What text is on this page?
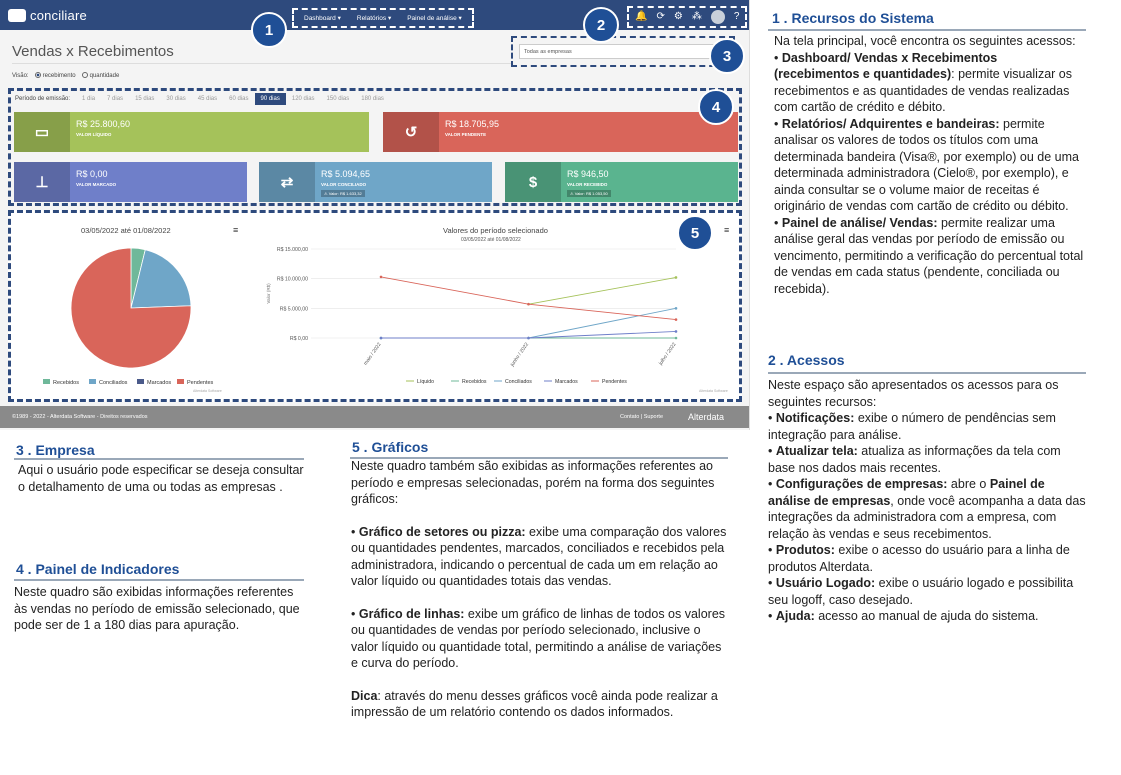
conciliare	Dashboard ▾ Relatórios ▾ Painel de análise ▾	🔔 ⟳ ⚙ ⁂	?
Vendas x Recebimentos
Visão:	recebimento	quantidade
Todas as empresas
Período de emissão:	1 dia	7 dias	15 dias	30 dias	45 dias	60 dias	90 dias	120 dias	150 dias	180 dias
▭	R$ 25.800,60
VALOR LÍQUIDO	↺	R$ 18.705,95
VALOR PENDENTE
⊥	R$ 0,00
VALOR MARCADO	⇄	R$ 5.094,65
VALOR CONCILIADO
⚠ Valor: R$ 1.633,32
$	R$ 946,50
VALOR RECEBIDO
⚠ Valor: R$ 1.053,50
03/05/2022 até 01/08/2022	≡
Recebidos	Conciliados	Marcados	Pendentes
Alterdata Software
Valores do período selecionado
03/05/2022 até 01/08/2022
≡
R$ 15.000,00
R$ 10.000,00
R$ 5.000,00
R$ 0,00
Valor (R$)
maio / 2022	junho / 2022	julho / 2022
Líquido	Recebidos	Conciliados	Marcados	Pendentes
Alterdata Software
©1989 - 2022 - Alterdata Software - Direitos reservados	Contato | Suporte	Alterdata
1	2
3
4
5
1 . Recursos do Sistema

Na tela principal, você encontra os seguintes acessos:

• Dashboard/ Vendas x Recebimentos (recebimentos e quantidades): permite visualizar os recebimentos e as quantidades de vendas realizadas com cartão de crédito e débito.

• Relatórios/ Adquirentes e bandeiras: permite analisar os valores de todos os títulos com uma determinada bandeira (Visa®, por exemplo) ou de uma determinada administradora (Cielo®, por exemplo), e ainda consultar se o volume maior de receitas é originário de vendas com cartão de crédito ou débito.

• Painel de análise/ Vendas: permite realizar uma análise geral das vendas por período de emissão ou vencimento, permitindo a verificação do percentual total de vendas em cada status (pendente, conciliada ou recebida).

2 . Acessos

Neste espaço são apresentados os acessos para os seguintes recursos:

• Notificações: exibe o número de pendências sem integração para análise.

• Atualizar tela: atualiza as informações da tela com base nos dados mais recentes.

• Configurações de empresas: abre o Painel de análise de empresas, onde você acompanha a data das integrações da administradora com a empresa, com relação às vendas e seus recebimentos.

• Produtos: exibe o acesso do usuário para a linha de produtos Alterdata.

• Usuário Logado: exibe o usuário logado e possibilita seu logoff, caso desejado.

• Ajuda: acesso ao manual de ajuda do sistema.

3 . Empresa
Aqui o usuário pode especificar se deseja consultar o detalhamento de uma ou todas as empresas .
4 . Painel de Indicadores
Neste quadro são exibidas informações referentes às vendas no período de emissão selecionado, que pode ser de 1 a 180 dias para apuração.
5 . Gráficos

Neste quadro também são exibidas as informações referentes ao período e empresas selecionadas, porém na forma dos seguintes gráficos:

• Gráfico de setores ou pizza: exibe uma comparação dos valores ou quantidades pendentes, marcados, conciliados e recebidos pela administradora, indicando o percentual de cada um em relação ao valor líquido ou quantidades totais das vendas.

• Gráfico de linhas: exibe um gráfico de linhas de todos os valores ou quantidades de vendas por período selecionado, inclusive o valor líquido ou quantidade total, permitindo a análise de variações e curva do período.

Dica: através do menu desses gráficos você ainda pode realizar a impressão de um relatório contendo os dados informados.
